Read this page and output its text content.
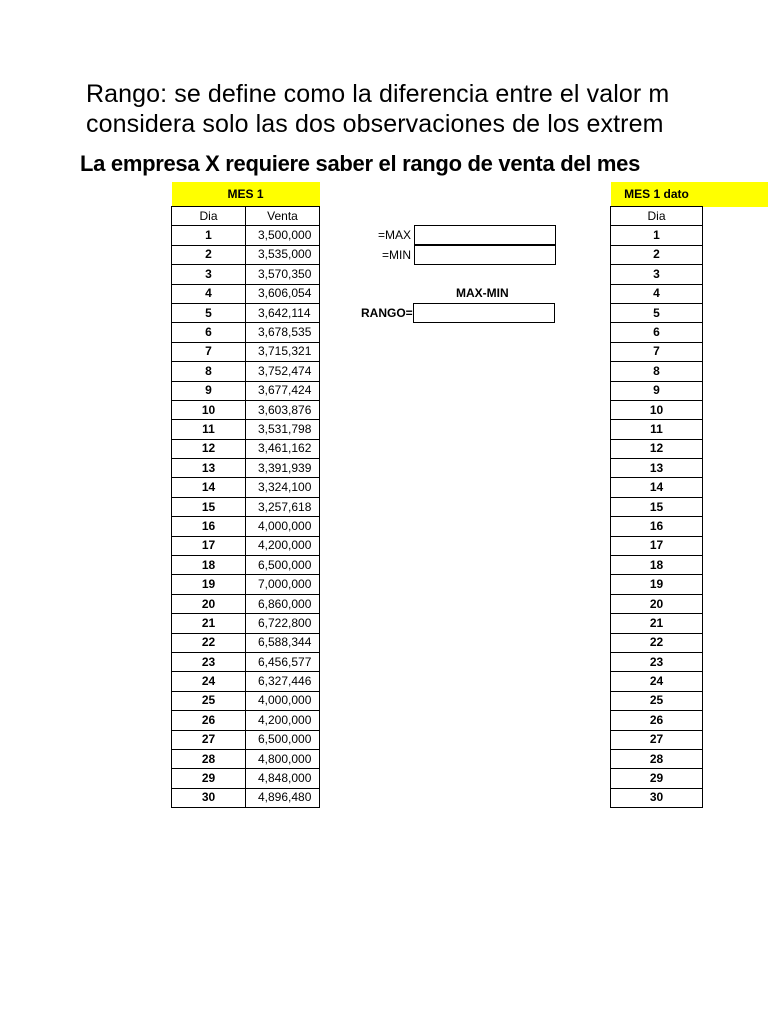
Rango: se define como la diferencia entre el valor m
considera solo las dos observaciones de los extrem
La empresa X requiere saber el rango de venta del mes
MES 1	
Dia	Venta
1	3,500,000
2	3,535,000
3	3,570,350
4	3,606,054
5	3,642,114
6	3,678,535
7	3,715,321
8	3,752,474
9	3,677,424
10	3,603,876
11	3,531,798
12	3,461,162
13	3,391,939
14	3,324,100
15	3,257,618
16	4,000,000
17	4,200,000
18	6,500,000
19	7,000,000
20	6,860,000
21	6,722,800
22	6,588,344
23	6,456,577
24	6,327,446
25	4,000,000
26	4,200,000
27	6,500,000
28	4,800,000
29	4,848,000
30	4,896,480
=MAX
=MIN
MAX-MIN
RANGO=
MES 1 dato
Dia
1
2
3
4
5
6
7
8
9
10
11
12
13
14
15
16
17
18
19
20
21
22
23
24
25
26
27
28
29
30
